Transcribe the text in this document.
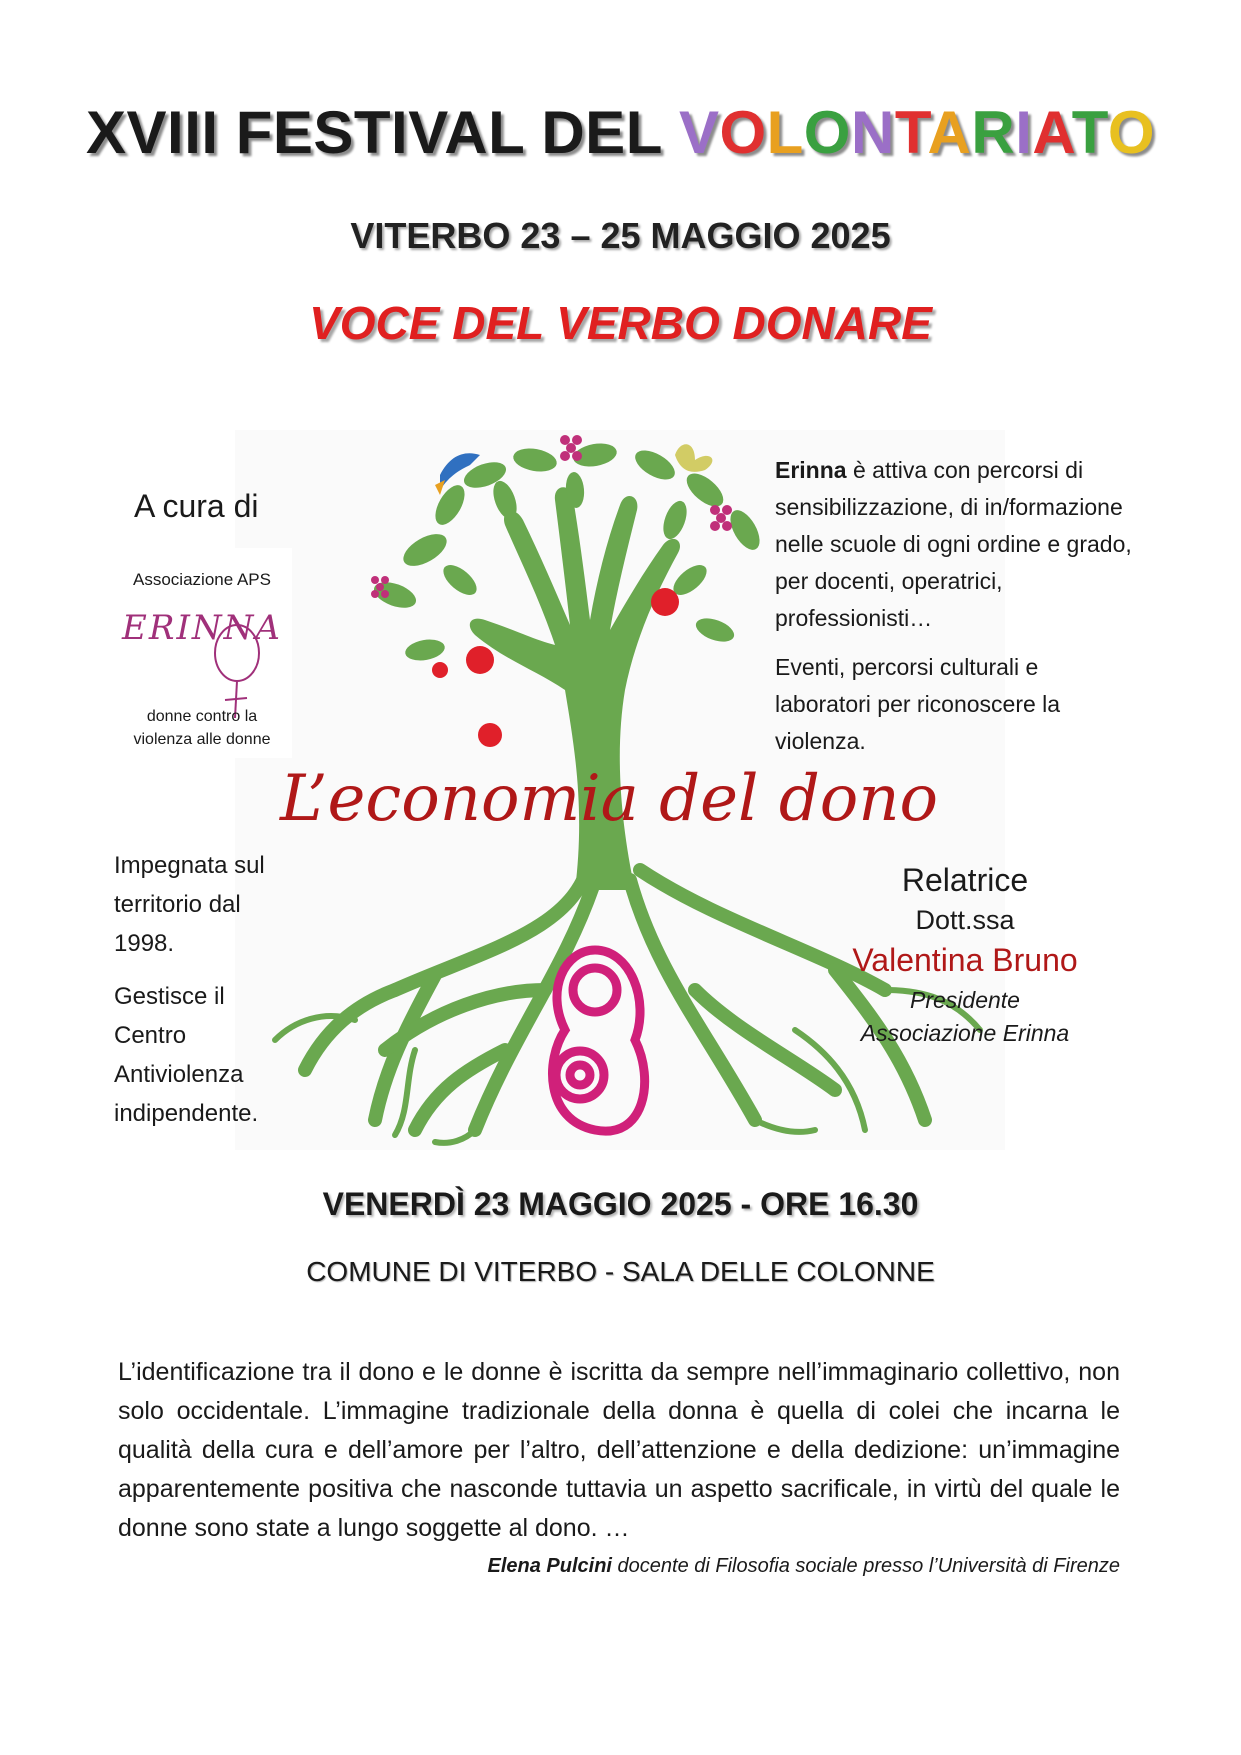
XVIII FESTIVAL DEL VOLONTARIATO
VITERBO 23 – 25 MAGGIO 2025
VOCE DEL VERBO DONARE
A cura di
Associazione APS
ERINNA
donne contro la
violenza alle donne

Erinna è attiva con percorsi di sensibilizzazione, di in/formazione nelle scuole di ogni ordine e grado, per docenti, operatrici, professionisti…

Eventi, percorsi culturali e laboratori per riconoscere la violenza.

L’economia del dono

Impegnata sul territorio dal 1998.

Gestisce il Centro Antiviolenza indipendente.

Relatrice
Dott.ssa
Valentina Bruno
Presidente
Associazione Erinna
VENERDÌ 23 MAGGIO 2025 - ORE 16.30
COMUNE DI VITERBO - SALA DELLE COLONNE
L’identificazione tra il dono e le donne è iscritta da sempre nell’immaginario collettivo, non solo occidentale. L’immagine tradizionale della donna è quella di colei che incarna le qualità della cura e dell’amore per l’altro, dell’attenzione e della dedizione: un’immagine apparentemente positiva che nasconde tuttavia un aspetto sacrificale, in virtù del quale le donne sono state a lungo soggette al dono. …
Elena Pulcini docente di Filosofia sociale presso l’Università di Firenze
